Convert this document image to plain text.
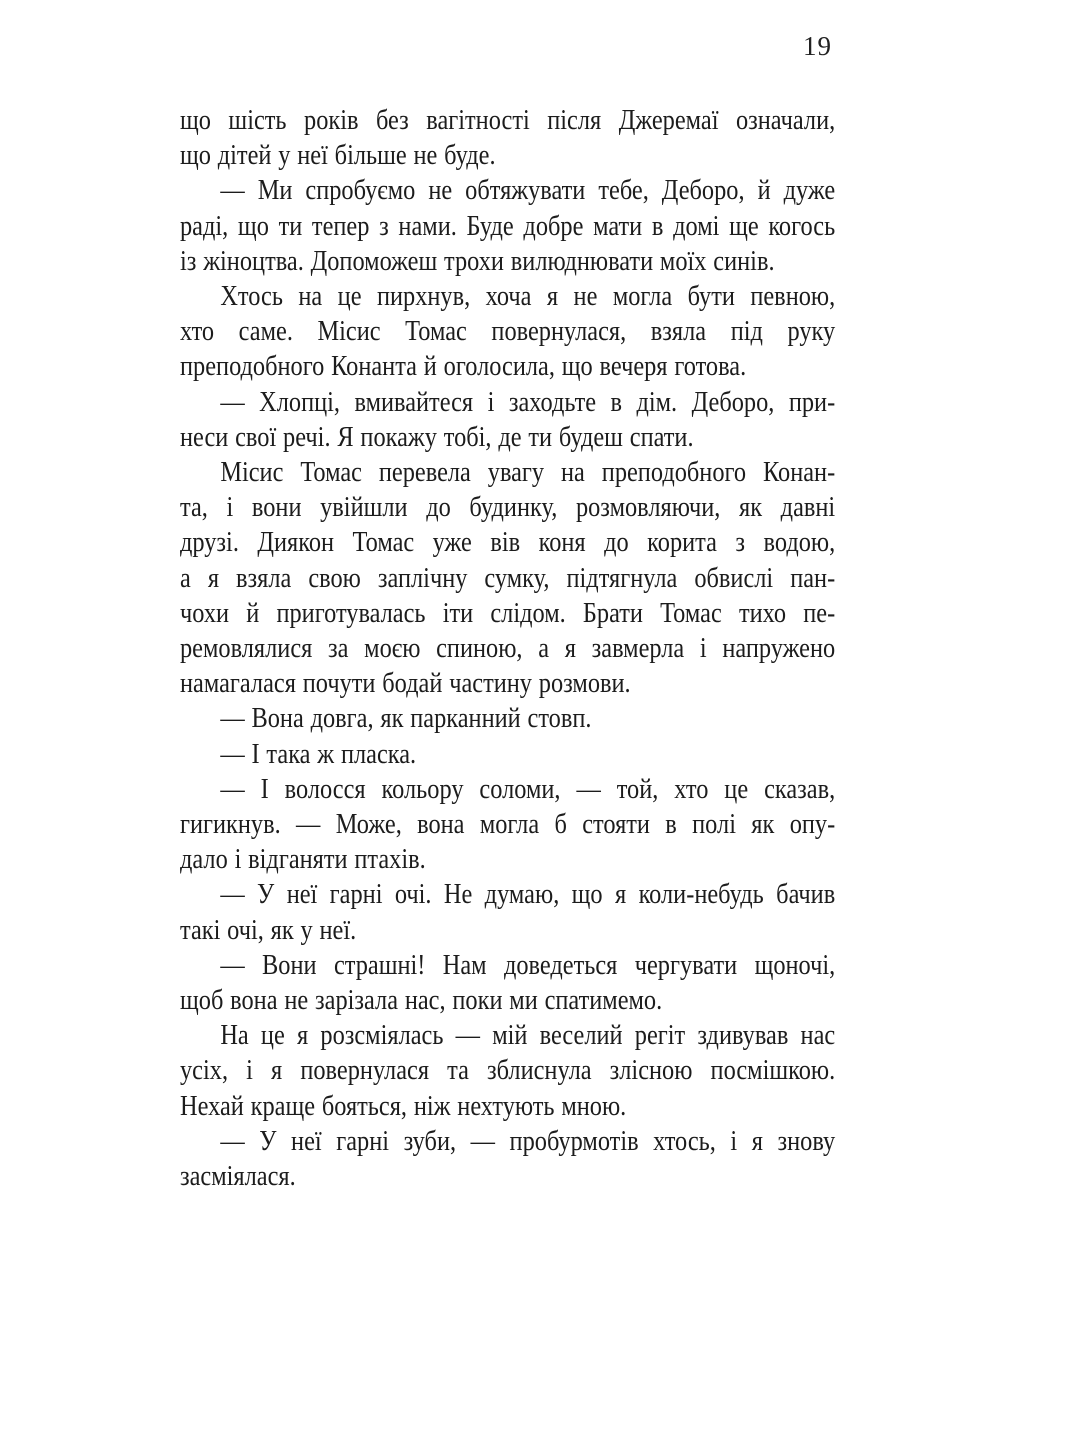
19
що шість років без вагітності після Джеремаї означали,
що дітей у неї більше не буде.
— Ми спробуємо не обтяжувати тебе, Деборо, й дуже
раді, що ти тепер з нами. Буде добре мати в домі ще когось
із жіноцтва. Допоможеш трохи вилюднювати моїх синів.
Хтось на це пирхнув, хоча я не могла бути певною,
хто саме. Місис Томас повернулася, взяла під руку
преподобного Конанта й оголосила, що вечеря готова.
— Хлопці, вмивайтеся і заходьте в дім. Деборо, при-
неси свої речі. Я покажу тобі, де ти будеш спати.
Місис Томас перевела увагу на преподобного Конан-
та, і вони увійшли до будинку, розмовляючи, як давні
друзі. Диякон Томас уже вів коня до корита з водою,
а я взяла свою заплічну сумку, підтягнула обвислі пан-
чохи й приготувалась іти слідом. Брати Томас тихо пе-
ремовлялися за моєю спиною, а я завмерла і напружено
намагалася почути бодай частину розмови.
— Вона довга, як парканний стовп.
— І така ж пласка.
— І волосся кольору соломи, — той, хто це сказав,
гигикнув. — Може, вона могла б стояти в полі як опу-
дало і відганяти птахів.
— У неї гарні очі. Не думаю, що я коли-небудь бачив
такі очі, як у неї.
— Вони страшні! Нам доведеться чергувати щоночі,
щоб вона не зарізала нас, поки ми спатимемо.
На це я розсміялась — мій веселий регіт здивував нас
усіх, і я повернулася та зблиснула злісною посмішкою.
Нехай краще бояться, ніж нехтують мною.
— У неї гарні зуби, — пробурмотів хтось, і я знову
засміялася.
